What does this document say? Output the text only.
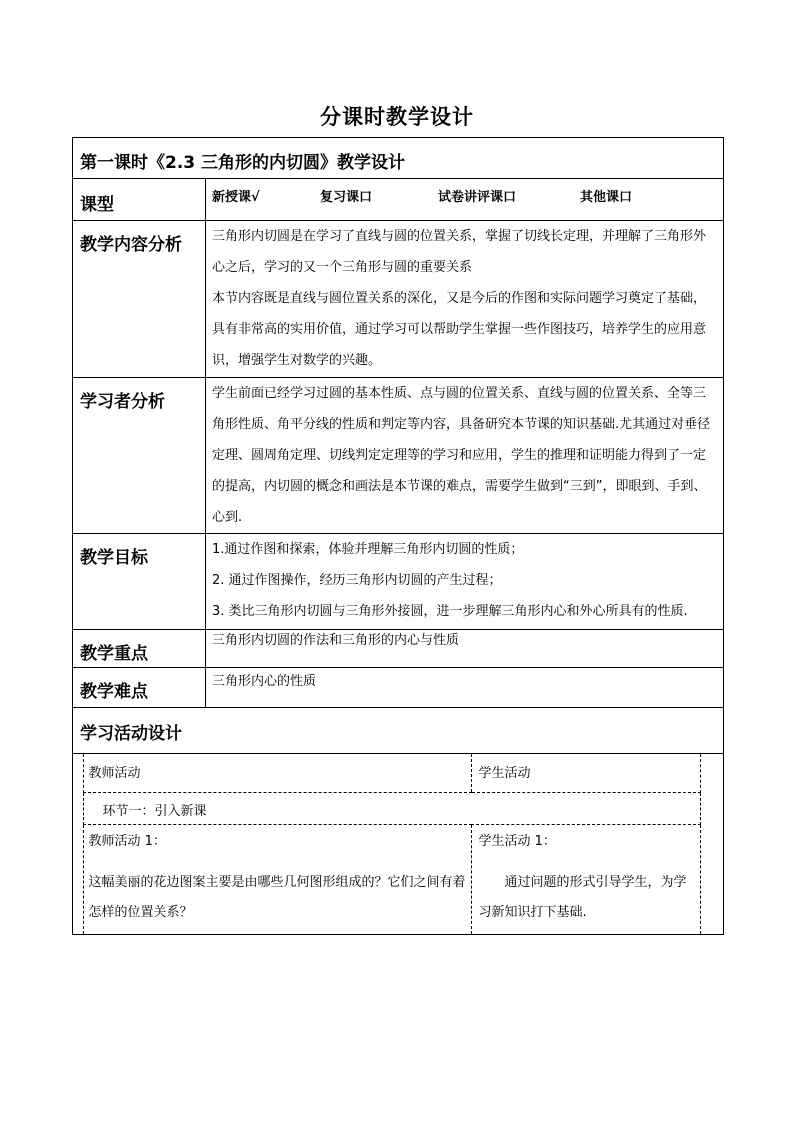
分课时教学设计
第一课时《2.3 三角形的内切圆》教学设计
课型	新授课√	复习课口	试卷讲评课口	其他课口
教学内容分析	三角形内切圆是在学习了直线与圆的位置关系，掌握了切线长定理，并理解了三角形外心之后，学习的又一个三角形与圆的重要关系
本节内容既是直线与圆位置关系的深化，又是今后的作图和实际问题学习奠定了基础，具有非常高的实用价值，通过学习可以帮助学生掌握一些作图技巧，培养学生的应用意识，增强学生对数学的兴趣。

学习者分析	学生前面已经学习过圆的基本性质、点与圆的位置关系、直线与圆的位置关系、全等三角形性质、角平分线的性质和判定等内容，具备研究本节课的知识基础.尤其通过对垂径定理、圆周角定理、切线判定定理等的学习和应用，学生的推理和证明能力得到了一定的提高，内切圆的概念和画法是本节课的难点，需要学生做到“三到”，即眼到、手到、心到.
教学目标	1.通过作图和探索，体验并理解三角形内切圆的性质；
2. 通过作图操作，经历三角形内切圆的产生过程；
3. 类比三角形内切圆与三角形外接圆，进一步理解三角形内心和外心所具有的性质.

教学重点	三角形内切圆的作法和三角形的内心与性质
教学难点	三角形内心的性质
学习活动设计

	教师活动	学生活动	
	环节一：引入新课	

教师活动 1：
这幅美丽的花边图案主要是由哪些几何图形组成的？它们之间有着怎样的位置关系？

学生活动 1：
通过问题的形式引导学生，为学习新知识打下基础.
